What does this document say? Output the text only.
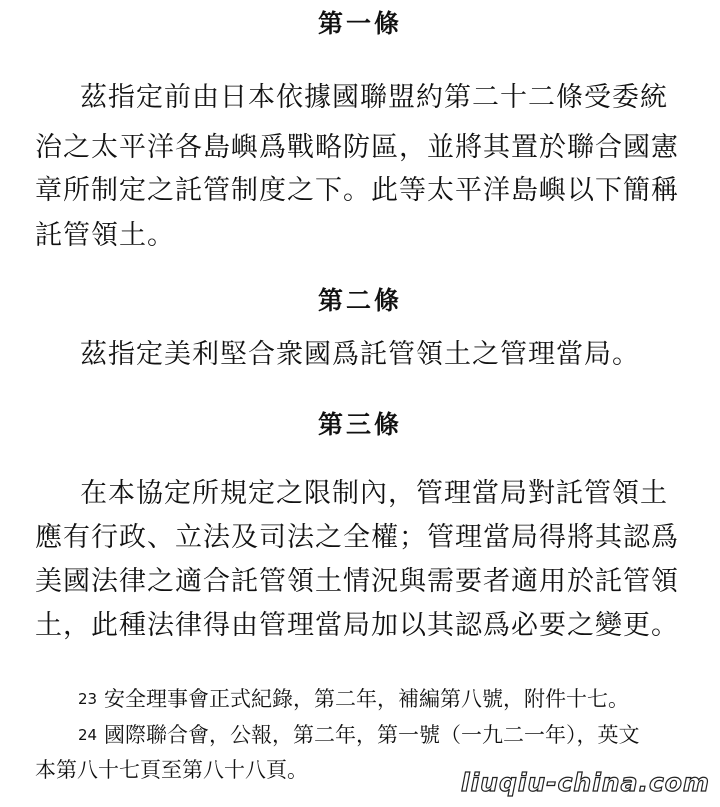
第一條
茲指定前由日本依據國聯盟約第二十二條受委統
治之太平洋各島嶼爲戰略防區，並將其置於聯合國憲
章所制定之託管制度之下。此等太平洋島嶼以下簡稱
託管領土。
第二條
茲指定美利堅合衆國爲託管領土之管理當局。
第三條
在本協定所規定之限制內，管理當局對託管領土
應有行政、立法及司法之全權；管理當局得將其認爲
美國法律之適合託管領土情況與需要者適用於託管領
土，此種法律得由管理當局加以其認爲必要之變更。
23 安全理事會正式紀錄，第二年，補編第八號，附件十七。
24 國際聯合會，公報，第二年，第一號（一九二一年），英文
本第八十七頁至第八十八頁。	liuqiu-china.com
